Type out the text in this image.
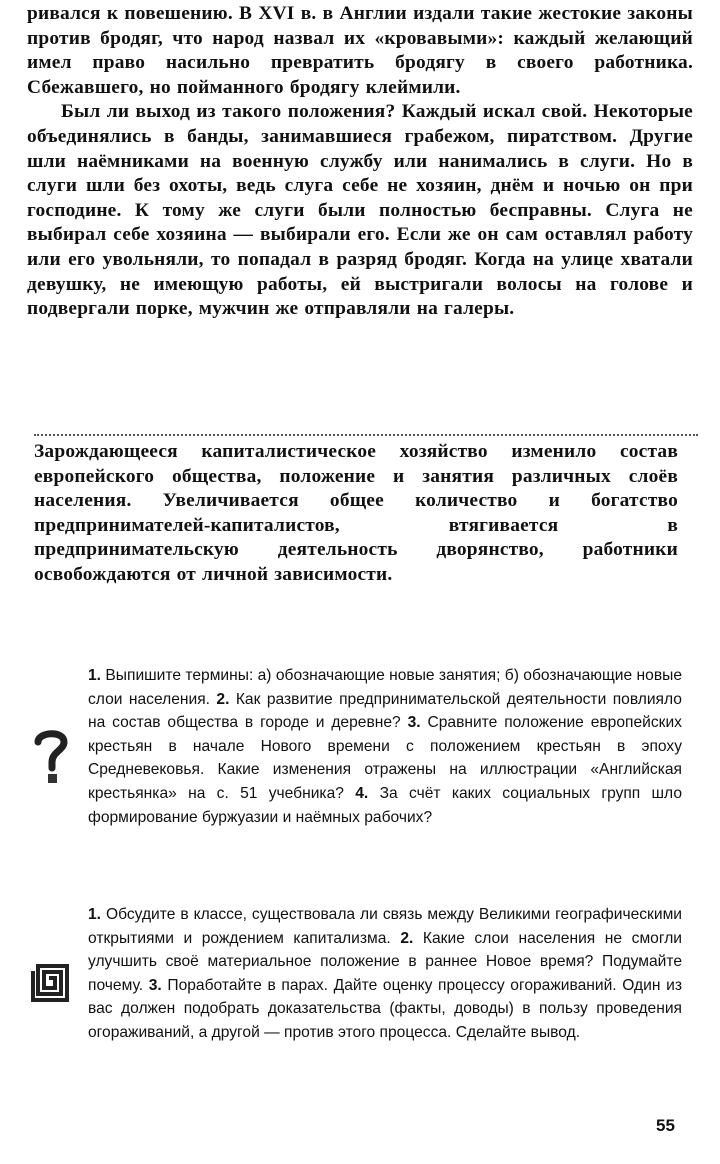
ривался к повешению. В XVI в. в Англии издали такие жестокие законы против бродяг, что народ назвал их «кровавыми»: каждый желающий имел право насильно превратить бродягу в своего работника. Сбежавшего, но пойманного бродягу клеймили.

Был ли выход из такого положения? Каждый искал свой. Некоторые объединялись в банды, занимавшиеся грабежом, пиратством. Другие шли наёмниками на военную службу или нанимались в слуги. Но в слуги шли без охоты, ведь слуга себе не хозяин, днём и ночью он при господине. К тому же слуги были полностью бесправны. Слуга не выбирал себе хозяина — выбирали его. Если же он сам оставлял работу или его увольняли, то попадал в разряд бродяг. Когда на улице хватали девушку, не имеющую работы, ей выстригали волосы на голове и подвергали порке, мужчин же отправляли на галеры.

Зарождающееся капиталистическое хозяйство изменило состав европейского общества, положение и занятия различных слоёв населения. Увеличивается общее количество и богатство предпринимателей-капиталистов, втягивается в предпринимательскую деятельность дворянство, работники освобождаются от личной зависимости.

1. Выпишите термины: а) обозначающие новые занятия; б) обозначающие новые слои населения. 2. Как развитие предпринимательской деятельности повлияло на состав общества в городе и деревне? 3. Сравните положение европейских крестьян в начале Нового времени с положением крестьян в эпоху Средневековья. Какие изменения отражены на иллюстрации «Английская крестьянка» на с. 51 учебника? 4. За счёт каких социальных групп шло формирование буржуазии и наёмных рабочих?

1. Обсудите в классе, существовала ли связь между Великими географическими открытиями и рождением капитализма. 2. Какие слои населения не смогли улучшить своё материальное положение в раннее Новое время? Подумайте почему. 3. Поработайте в парах. Дайте оценку процессу огораживаний. Один из вас должен подобрать доказательства (факты, доводы) в пользу проведения огораживаний, а другой — против этого процесса. Сделайте вывод.

55
